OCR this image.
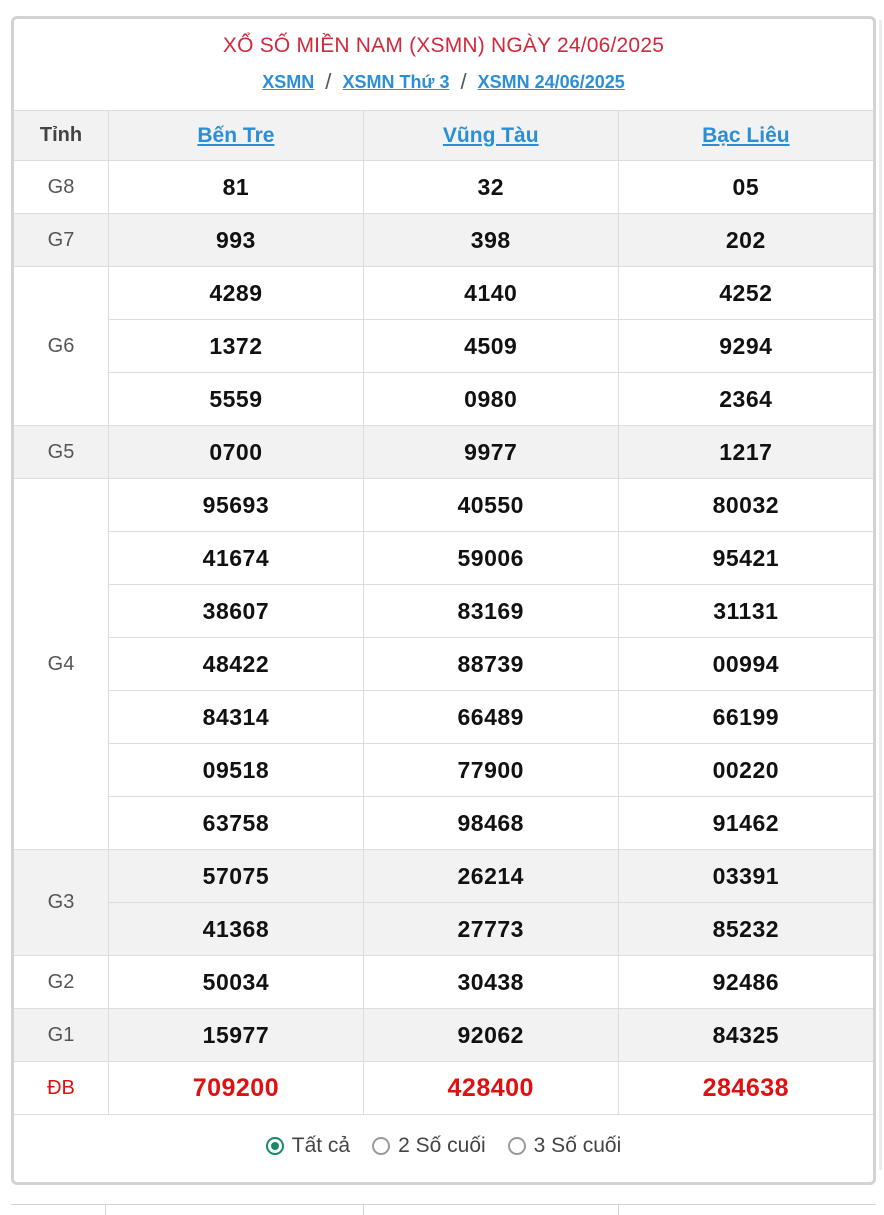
XỔ SỐ MIỀN NAM (XSMN) NGÀY 24/06/2025
XSMN / XSMN Thứ 3 / XSMN 24/06/2025
Tỉnh	Bến Tre	Vũng Tàu	Bạc Liêu
G8	81	32	05
G7	993	398	202
G6	4289	4140	4252
	1372	4509	9294
	5559	0980	2364
G5	0700	9977	1217
G4	95693	40550	80032
	41674	59006	95421
	38607	83169	31131
	48422	88739	00994
	84314	66489	66199
	09518	77900	00220
	63758	98468	91462
G3	57075	26214	03391
	41368	27773	85232
G2	50034	30438	92486
G1	15977	92062	84325
ĐB	709200	428400	284638
Tất cả 2 Số cuối 3 Số cuối
